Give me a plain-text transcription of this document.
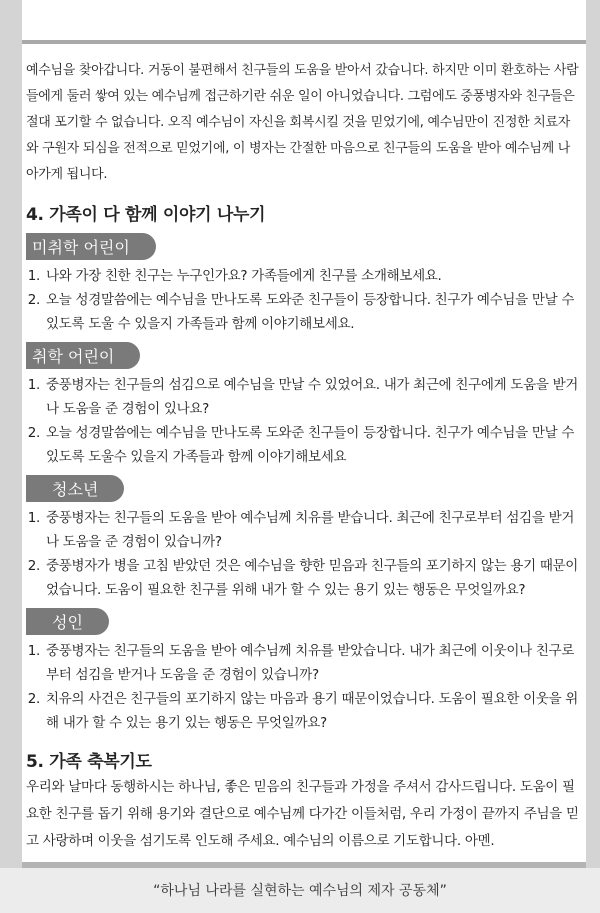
예수님을 찾아갑니다. 거동이 불편해서 친구들의 도움을 받아서 갔습니다. 하지만 이미 환호하는 사람들에게 둘러 쌓여 있는 예수님께 접근하기란 쉬운 일이 아니었습니다. 그럼에도 중풍병자와 친구들은 절대 포기할 수 없습니다. 오직 예수님이 자신을 회복시킬 것을 믿었기에, 예수님만이 진정한 치료자와 구원자 되심을 전적으로 믿었기에, 이 병자는 간절한 마음으로 친구들의 도움을 받아 예수님께 나아가게 됩니다.

4. 가족이 다 함께 이야기 나누기
미취학 어린이
1. 나와 가장 친한 친구는 누구인가요? 가족들에게 친구를 소개해보세요.
2. 오늘 성경말씀에는 예수님을 만나도록 도와준 친구들이 등장합니다. 친구가 예수님을 만날 수 있도록 도울 수 있을지 가족들과 함께 이야기해보세요.
취학 어린이
1. 중풍병자는 친구들의 섬김으로 예수님을 만날 수 있었어요. 내가 최근에 친구에게 도움을 받거나 도움을 준 경험이 있나요?
2. 오늘 성경말씀에는 예수님을 만나도록 도와준 친구들이 등장합니다. 친구가 예수님을 만날 수 있도록 도울수 있을지 가족들과 함께 이야기해보세요
청소년
1. 중풍병자는 친구들의 도움을 받아 예수님께 치유를 받습니다. 최근에 친구로부터 섬김을 받거나 도움을 준 경험이 있습니까?
2. 중풍병자가 병을 고침 받았던 것은 예수님을 향한 믿음과 친구들의 포기하지 않는 용기 때문이었습니다. 도움이 필요한 친구를 위해 내가 할 수 있는 용기 있는 행동은 무엇일까요?
성인
1. 중풍병자는 친구들의 도움을 받아 예수님께 치유를 받았습니다. 내가 최근에 이웃이나 친구로부터 섬김을 받거나 도움을 준 경험이 있습니까?
2. 치유의 사건은 친구들의 포기하지 않는 마음과 용기 때문이었습니다. 도움이 필요한 이웃을 위해 내가 할 수 있는 용기 있는 행동은 무엇일까요?
5. 가족 축복기도

우리와 날마다 동행하시는 하나님, 좋은 믿음의 친구들과 가정을 주셔서 감사드립니다. 도움이 필요한 친구를 돕기 위해 용기와 결단으로 예수님께 다가간 이들처럼, 우리 가정이 끝까지 주님을 믿고 사랑하며 이웃을 섬기도록 인도해 주세요. 예수님의 이름으로 기도합니다. 아멘.

“하나님 나라를 실현하는 예수님의 제자 공동체”
